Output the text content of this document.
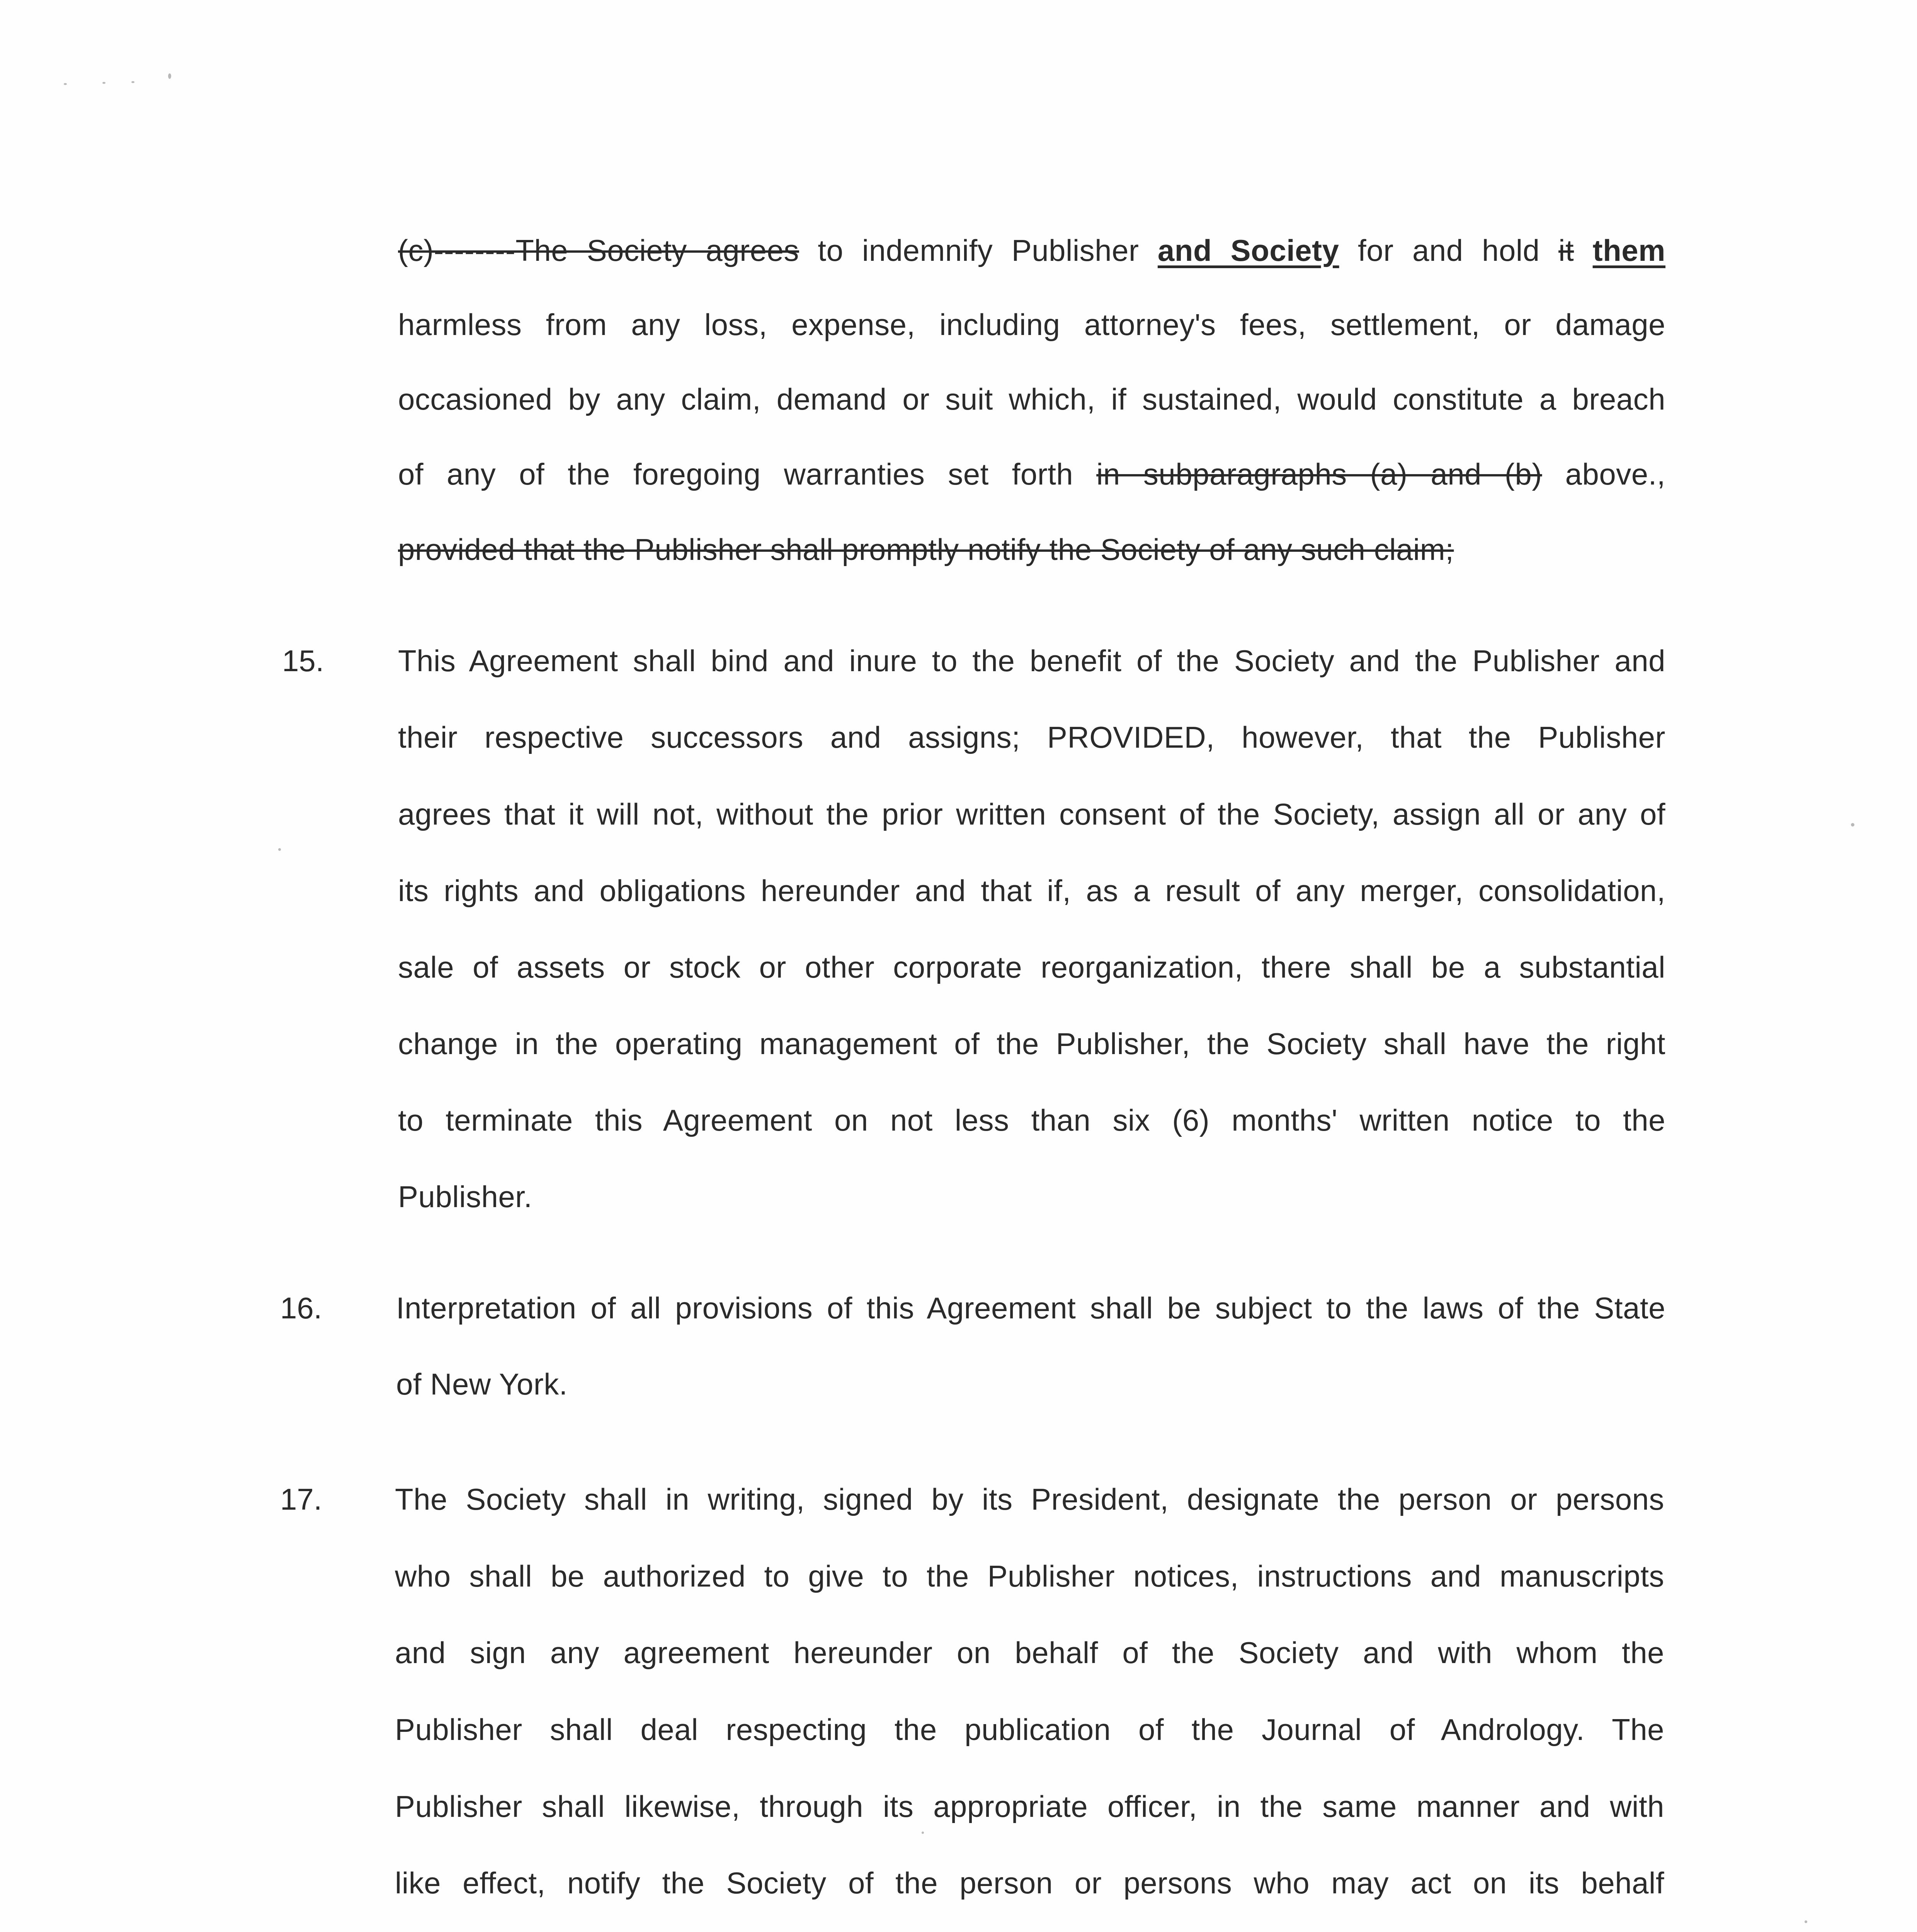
(c)--------The Society agrees to indemnify Publisher and Society for and hold it them
harmless from any loss, expense, including attorney's fees, settlement, or damage
occasioned by any claim, demand or suit which, if sustained, would constitute a breach
of any of the foregoing warranties set forth in subparagraphs (a) and (b) above.,
provided that the Publisher shall promptly notify the Society of any such claim;
15. This Agreement shall bind and inure to the benefit of the Society and the Publisher and
their respective successors and assigns; PROVIDED, however, that the Publisher
agrees that it will not, without the prior written consent of the Society, assign all or any of
its rights and obligations hereunder and that if, as a result of any merger, consolidation,
sale of assets or stock or other corporate reorganization, there shall be a substantial
change in the operating management of the Publisher, the Society shall have the right
to terminate this Agreement on not less than six (6) months' written notice to the
Publisher.
16. Interpretation of all provisions of this Agreement shall be subject to the laws of the State
of New York.
17. The Society shall in writing, signed by its President, designate the person or persons
who shall be authorized to give to the Publisher notices, instructions and manuscripts
and sign any agreement hereunder on behalf of the Society and with whom the
Publisher shall deal respecting the publication of the Journal of Andrology. The
Publisher shall likewise, through its appropriate officer, in the same manner and with
like effect, notify the Society of the person or persons who may act on its behalf
